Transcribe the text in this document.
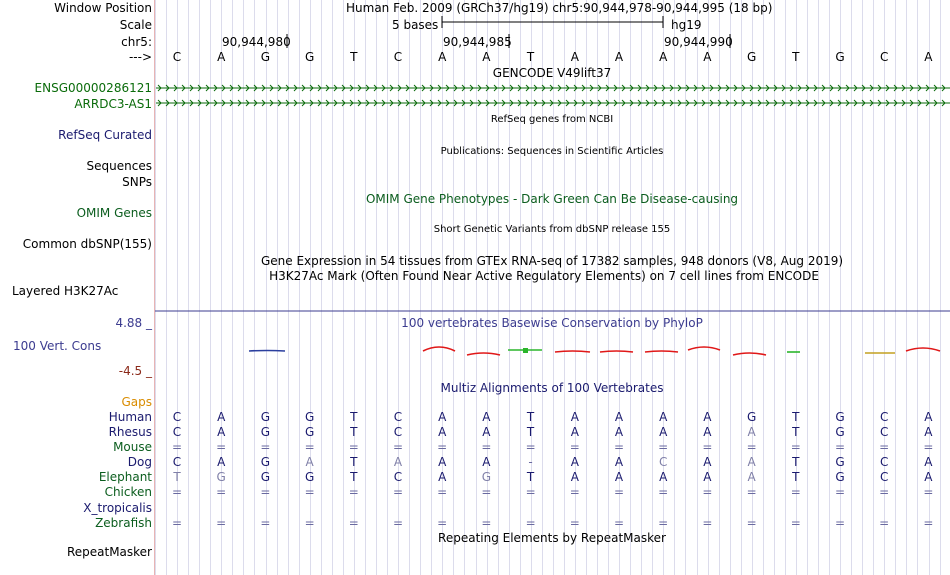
Window Position	Human Feb. 2009 (GRCh37/hg19) chr5:90,944,978-90,944,995 (18 bp)
Scale	5 bases	hg19
chr5:	90,944,980	90,944,985	90,944,990
--->	C	A	G	G	T	C	A	A	T	A	A	A	A	G	T	G	C	A
GENCODE V49lift37
ENSG00000286121
ARRDC3-AS1
RefSeq Curated
RefSeq genes from NCBI
Publications: Sequences in Scientific Articles
Sequences
SNPs
OMIM Gene Phenotypes - Dark Green Can Be Disease-causing
OMIM Genes
Short Genetic Variants from dbSNP release 155
Common dbSNP(155)
Gene Expression in 54 tissues from GTEx RNA-seq of 17382 samples, 948 donors (V8, Aug 2019)
H3K27Ac Mark (Often Found Near Active Regulatory Elements) on 7 cell lines from ENCODE
Layered H3K27Ac
4.88 _	100 vertebrates Basewise Conservation by PhyloP
100 Vert. Cons
-4.5 _
Multiz Alignments of 100 Vertebrates
Gaps
Human	C	A	G	G	T	C	A	A	T	A	A	A	A	G	T	G	C	A
Rhesus	C	A	G	G	T	C	A	A	T	A	A	A	A	A	T	G	C	A
Mouse	=	=	=	=	=	=	=	=	=	=	=	=	=	=	=	=	=	=
Dog	C	A	G	A	T	A	A	A	-	A	A	C	A	A	T	G	C	A
Elephant	T	G	G	G	T	C	A	G	T	A	A	A	A	A	T	G	C	A
Chicken	=	=	=	=	=	=	=	=	=	=	=	=	=	=	=	=	=	=
X_tropicalis
Zebrafish	=	=	=	=	=	=	=	=	=	=	=	=	=	=	=	=	=	=
Repeating Elements by RepeatMasker
RepeatMasker
